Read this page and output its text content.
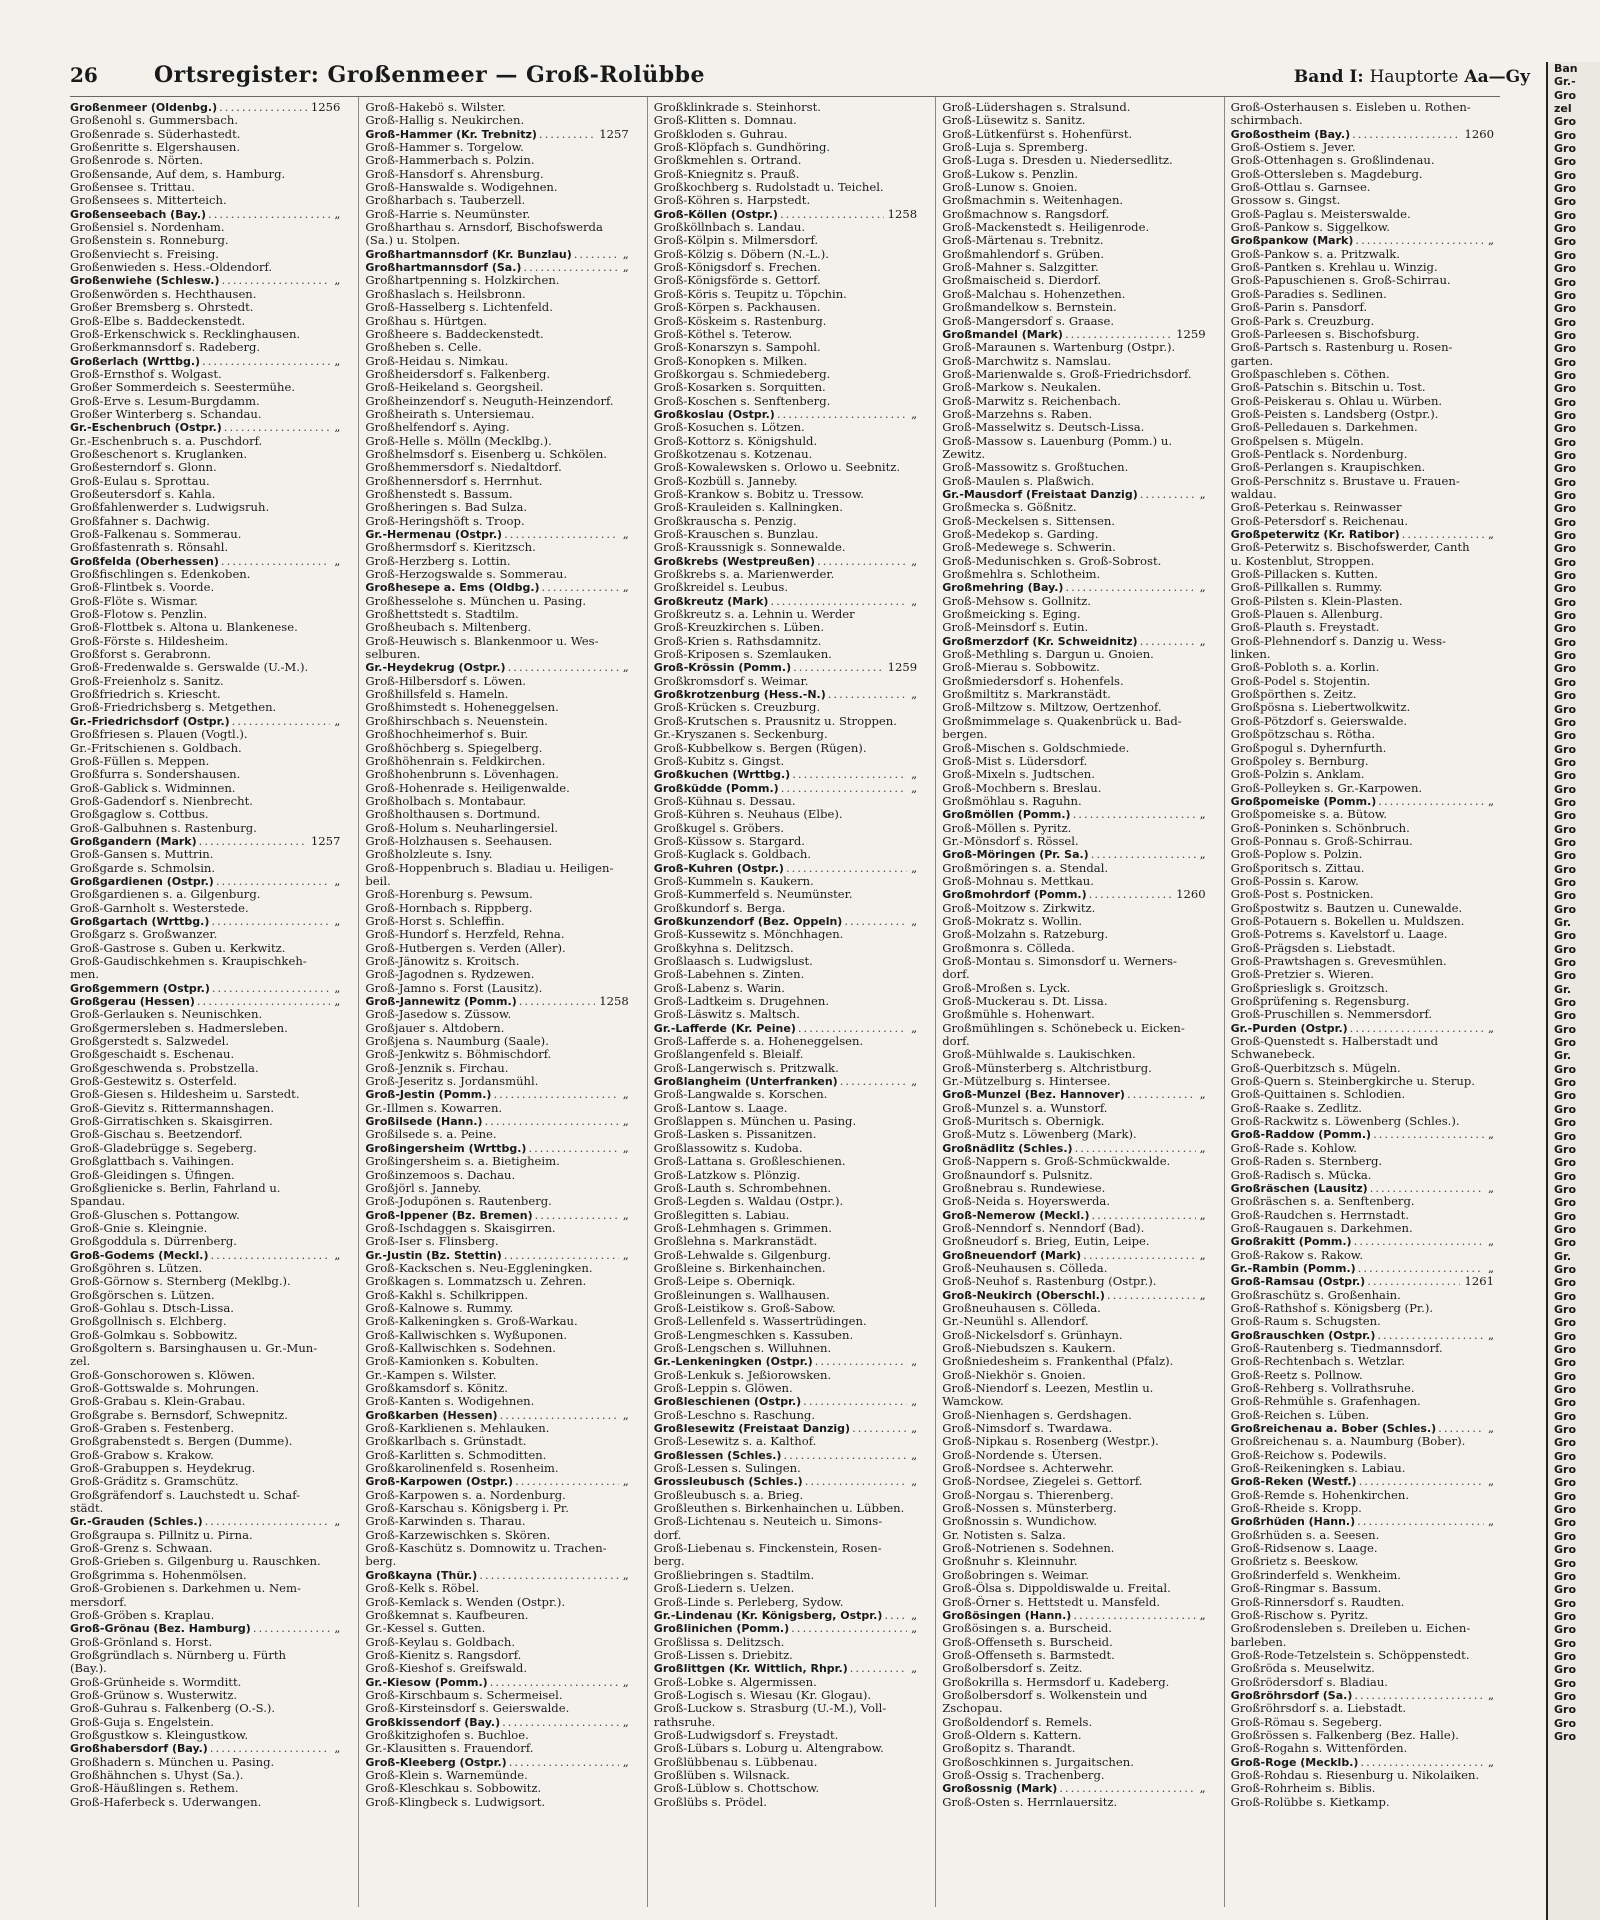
26	Ortsregister: Großenmeer — Groß-Rolübbe	Band I: Hauptorte Aa—Gy
Großenmeer (Oldenbg.) .....	1256
Großenohl s. Gummersbach.
Großenrade s. Süderhastedt.
Großenritte s. Elgershausen.
Großenrode s. Nörten.
Großensande, Auf dem, s. Hamburg.
Großensee s. Trittau.
Großensees s. Mitterteich.
Großenseebach (Bay.) .....	„
Großensiel s. Nordenham.
Großenstein s. Ronneburg.
Großenviecht s. Freising.
Großenwieden s. Hess.-Oldendorf.
Großenwiehe (Schlesw.) .....	„
Großenwörden s. Hechthausen.
Großer Bremsberg s. Ohrstedt.
Groß-Elbe s. Baddeckenstedt.
Groß-Erkenschwick s. Recklinghausen.
Großerkmannsdorf s. Radeberg.
Großerlach (Wrttbg.) .....	„
Groß-Ernsthof s. Wolgast.
Großer Sommerdeich s. Seestermühe.
Groß-Erve s. Lesum-Burgdamm.
Großer Winterberg s. Schandau.
Gr.-Eschenbruch (Ostpr.) .....	„
Gr.-Eschenbruch s. a. Puschdorf.
Großeschenort s. Kruglanken.
Großesterndorf s. Glonn.
Groß-Eulau s. Sprottau.
Großeutersdorf s. Kahla.
Großfahlenwerder s. Ludwigsruh.
Großfahner s. Dachwig.
Groß-Falkenau s. Sommerau.
Großfastenrath s. Rönsahl.
Großfelda (Oberhessen) .....	„
Großfischlingen s. Edenkoben.
Groß-Flintbek s. Voorde.
Groß-Flöte s. Wismar.
Groß-Flotow s. Penzlin.
Groß-Flottbek s. Altona u. Blankenese.
Groß-Förste s. Hildesheim.
Großforst s. Gerabronn.
Groß-Fredenwalde s. Gerswalde (U.-M.).
Groß-Freienholz s. Sanitz.
Großfriedrich s. Kriescht.
Groß-Friedrichsberg s. Metgethen.
Gr.-Friedrichsdorf (Ostpr.) .....	„
Großfriesen s. Plauen (Vogtl.).
Gr.-Fritschienen s. Goldbach.
Groß-Füllen s. Meppen.
Großfurra s. Sondershausen.
Groß-Gablick s. Widminnen.
Groß-Gadendorf s. Nienbrecht.
Großgaglow s. Cottbus.
Groß-Galbuhnen s. Rastenburg.
Großgandern (Mark) .....	1257
Groß-Gansen s. Muttrin.
Großgarde s. Schmolsin.
Großgardienen (Ostpr.) .....	„
Großgardienen s. a. Gilgenburg.
Groß-Garnholt s. Westerstede.
Großgartach (Wrttbg.) .....	„
Großgarz s. Großwanzer.
Groß-Gastrose s. Guben u. Kerkwitz.
Groß-Gaudischkehmen s. Kraupischkeh-
men.
Großgemmern (Ostpr.) .....	„
Großgerau (Hessen) .....	„
Groß-Gerlauken s. Neunischken.
Großgermersleben s. Hadmersleben.
Großgerstedt s. Salzwedel.
Großgeschaidt s. Eschenau.
Großgeschwenda s. Probstzella.
Groß-Gestewitz s. Osterfeld.
Groß-Giesen s. Hildesheim u. Sarstedt.
Groß-Gievitz s. Rittermannshagen.
Groß-Girratischken s. Skaisgirren.
Groß-Gischau s. Beetzendorf.
Groß-Gladebrügge s. Segeberg.
Großglattbach s. Vaihingen.
Groß-Gleidingen s. Üfingen.
Großglienicke s. Berlin, Fahrland u.
Spandau.
Groß-Gluschen s. Pottangow.
Groß-Gnie s. Kleingnie.
Großgoddula s. Dürrenberg.
Groß-Godems (Meckl.) .....	„
Großgöhren s. Lützen.
Groß-Görnow s. Sternberg (Meklbg.).
Großgörschen s. Lützen.
Groß-Gohlau s. Dtsch-Lissa.
Großgollnisch s. Elchberg.
Groß-Golmkau s. Sobbowitz.
Großgoltern s. Barsinghausen u. Gr.-Mun-
zel.
Groß-Gonschorowen s. Klöwen.
Groß-Gottswalde s. Mohrungen.
Groß-Grabau s. Klein-Grabau.
Großgrabe s. Bernsdorf, Schwepnitz.
Groß-Graben s. Festenberg.
Großgrabenstedt s. Bergen (Dumme).
Groß-Grabow s. Krakow.
Groß-Grabuppen s. Heydekrug.
Groß-Gräditz s. Gramschütz.
Großgräfendorf s. Lauchstedt u. Schaf-
städt.
Gr.-Grauden (Schles.) .....	„
Großgraupa s. Pillnitz u. Pirna.
Groß-Grenz s. Schwaan.
Groß-Grieben s. Gilgenburg u. Rauschken.
Großgrimma s. Hohenmölsen.
Groß-Grobienen s. Darkehmen u. Nem-
mersdorf.
Groß-Gröben s. Kraplau.
Groß-Grönau (Bez. Hamburg) .....	„
Groß-Grönland s. Horst.
Großgründlach s. Nürnberg u. Fürth
(Bay.).
Groß-Grünheide s. Wormditt.
Groß-Grünow s. Wusterwitz.
Groß-Guhrau s. Falkenberg (O.-S.).
Groß-Guja s. Engelstein.
Großgustkow s. Kleingustkow.
Großhabersdorf (Bay.) .....	„
Großhadern s. München u. Pasing.
Großhähnchen s. Uhyst (Sa.).
Groß-Häußlingen s. Rethem.
Groß-Haferbeck s. Uderwangen.
Groß-Hakebö s. Wilster.
Groß-Hallig s. Neukirchen.
Groß-Hammer (Kr. Trebnitz) .....	1257
Groß-Hammer s. Torgelow.
Groß-Hammerbach s. Polzin.
Groß-Hansdorf s. Ahrensburg.
Groß-Hanswalde s. Wodigehnen.
Großharbach s. Tauberzell.
Groß-Harrie s. Neumünster.
Großharthau s. Arnsdorf, Bischofswerda
(Sa.) u. Stolpen.
Großhartmannsdorf (Kr. Bunzlau) .....	„
Großhartmannsdorf (Sa.) .....	„
Großhartpenning s. Holzkirchen.
Großhaslach s. Heilsbronn.
Groß-Hasselberg s. Lichtenfeld.
Großhau s. Hürtgen.
Großheere s. Baddeckenstedt.
Großheben s. Celle.
Groß-Heidau s. Nimkau.
Großheidersdorf s. Falkenberg.
Groß-Heikeland s. Georgsheil.
Großheinzendorf s. Neuguth-Heinzendorf.
Großheirath s. Untersiemau.
Großhelfendorf s. Aying.
Groß-Helle s. Mölln (Mecklbg.).
Großhelmsdorf s. Eisenberg u. Schkölen.
Großhemmersdorf s. Niedaltdorf.
Großhennersdorf s. Herrnhut.
Großhenstedt s. Bassum.
Großheringen s. Bad Sulza.
Groß-Heringshöft s. Troop.
Gr.-Hermenau (Ostpr.) .....	„
Großhermsdorf s. Kieritzsch.
Groß-Herzberg s. Lottin.
Groß-Herzogswalde s. Sommerau.
Großhesepe a. Ems (Oldbg.) .....	„
Großhesselohe s. München u. Pasing.
Großhettstedt s. Stadtilm.
Großheubach s. Miltenberg.
Groß-Heuwisch s. Blankenmoor u. Wes-
selburen.
Gr.-Heydekrug (Ostpr.) .....	„
Groß-Hilbersdorf s. Löwen.
Großhillsfeld s. Hameln.
Großhimstedt s. Hoheneggelsen.
Großhirschbach s. Neuenstein.
Großhochheimerhof s. Buir.
Großhöchberg s. Spiegelberg.
Großhöhenrain s. Feldkirchen.
Großhohenbrunn s. Lövenhagen.
Groß-Hohenrade s. Heiligenwalde.
Großholbach s. Montabaur.
Großholthausen s. Dortmund.
Groß-Holum s. Neuharlingersiel.
Groß-Holzhausen s. Seehausen.
Großholzleute s. Isny.
Groß-Hoppenbruch s. Bladiau u. Heiligen-
beil.
Groß-Horenburg s. Pewsum.
Groß-Hornbach s. Rippberg.
Groß-Horst s. Schleffin.
Groß-Hundorf s. Herzfeld, Rehna.
Groß-Hutbergen s. Verden (Aller).
Groß-Jänowitz s. Kroitsch.
Groß-Jagodnen s. Rydzewen.
Groß-Jamno s. Forst (Lausitz).
Groß-Jannewitz (Pomm.) .....	1258
Groß-Jasedow s. Züssow.
Großjauer s. Altdobern.
Großjena s. Naumburg (Saale).
Groß-Jenkwitz s. Böhmischdorf.
Groß-Jenznik s. Firchau.
Groß-Jeseritz s. Jordansmühl.
Groß-Jestin (Pomm.) .....	„
Gr.-Illmen s. Kowarren.
Großilsede (Hann.) .....	„
Großilsede s. a. Peine.
Großingersheim (Wrttbg.) .....	„
Großingersheim s. a. Bietigheim.
Großinzemoos s. Dachau.
Großjörl s. Janneby.
Groß-Jodupönen s. Rautenberg.
Groß-Ippener (Bz. Bremen) .....	„
Groß-Ischdaggen s. Skaisgirren.
Groß-Iser s. Flinsberg.
Gr.-Justin (Bz. Stettin) .....	„
Groß-Kackschen s. Neu-Eggleningken.
Großkagen s. Lommatzsch u. Zehren.
Groß-Kakhl s. Schilkrippen.
Groß-Kalnowe s. Rummy.
Groß-Kalkeningken s. Groß-Warkau.
Groß-Kallwischken s. Wyßuponen.
Groß-Kallwischken s. Sodehnen.
Groß-Kamionken s. Kobulten.
Gr.-Kampen s. Wilster.
Großkamsdorf s. Könitz.
Groß-Kanten s. Wodigehnen.
Großkarben (Hessen) .....	„
Groß-Karklienen s. Mehlauken.
Großkarlbach s. Grünstadt.
Groß-Karlitten s. Schmoditten.
Großkarolinenfeld s. Rosenheim.
Groß-Karpowen (Ostpr.) .....	„
Groß-Karpowen s. a. Nordenburg.
Groß-Karschau s. Königsberg i. Pr.
Groß-Karwinden s. Tharau.
Groß-Karzewischken s. Skören.
Groß-Kaschütz s. Domnowitz u. Trachen-
berg.
Großkayna (Thür.) .....	„
Groß-Kelk s. Röbel.
Groß-Kemlack s. Wenden (Ostpr.).
Großkemnat s. Kaufbeuren.
Gr.-Kessel s. Gutten.
Groß-Keylau s. Goldbach.
Groß-Kienitz s. Rangsdorf.
Groß-Kieshof s. Greifswald.
Gr.-Kiesow (Pomm.) .....	„
Groß-Kirschbaum s. Schermeisel.
Groß-Kirsteinsdorf s. Geierswalde.
Großkissendorf (Bay.) .....	„
Großkitzighofen s. Buchloe.
Gr.-Klausitten s. Frauendorf.
Groß-Kleeberg (Ostpr.) .....	„
Groß-Klein s. Warnemünde.
Groß-Kleschkau s. Sobbowitz.
Groß-Klingbeck s. Ludwigsort.
Großklinkrade s. Steinhorst.
Groß-Klitten s. Domnau.
Großkloden s. Guhrau.
Groß-Klöpfach s. Gundhöring.
Großkmehlen s. Ortrand.
Groß-Kniegnitz s. Prauß.
Großkochberg s. Rudolstadt u. Teichel.
Groß-Köhren s. Harpstedt.
Groß-Köllen (Ostpr.) .....	1258
Großköllnbach s. Landau.
Groß-Kölpin s. Milmersdorf.
Groß-Kölzig s. Döbern (N.-L.).
Groß-Königsdorf s. Frechen.
Groß-Königsförde s. Gettorf.
Groß-Köris s. Teupitz u. Töpchin.
Groß-Körpen s. Packhausen.
Groß-Köskeim s. Rastenburg.
Groß-Köthel s. Teterow.
Groß-Konarszyn s. Sampohl.
Groß-Konopken s. Milken.
Großkorgau s. Schmiedeberg.
Groß-Kosarken s. Sorquitten.
Groß-Koschen s. Senftenberg.
Großkoslau (Ostpr.) .....	„
Groß-Kosuchen s. Lötzen.
Groß-Kottorz s. Königshuld.
Großkotzenau s. Kotzenau.
Groß-Kowalewsken s. Orlowo u. Seebnitz.
Groß-Kozbüll s. Janneby.
Groß-Krankow s. Bobitz u. Tressow.
Groß-Krauleiden s. Kallningken.
Großkrauscha s. Penzig.
Groß-Krauschen s. Bunzlau.
Groß-Kraussnigk s. Sonnewalde.
Großkrebs (Westpreußen) .....	„
Großkrebs s. a. Marienwerder.
Großkreidel s. Leubus.
Großkreutz (Mark) .....	„
Großkreutz s. a. Lehnin u. Werder
Groß-Kreuzkirchen s. Lüben.
Groß-Krien s. Rathsdamnitz.
Groß-Kriposen s. Szemlauken.
Groß-Krössin (Pomm.) .....	1259
Großkromsdorf s. Weimar.
Großkrotzenburg (Hess.-N.) .....	„
Groß-Krücken s. Creuzburg.
Groß-Krutschen s. Prausnitz u. Stroppen.
Gr.-Kryszanen s. Seckenburg.
Groß-Kubbelkow s. Bergen (Rügen).
Groß-Kubitz s. Gingst.
Großkuchen (Wrttbg.) .....	„
Großküdde (Pomm.) .....	„
Groß-Kühnau s. Dessau.
Groß-Kühren s. Neuhaus (Elbe).
Großkugel s. Gröbers.
Groß-Küssow s. Stargard.
Groß-Kuglack s. Goldbach.
Groß-Kuhren (Ostpr.) .....	„
Groß-Kummeln s. Kaukern.
Groß-Kummerfeld s. Neumünster.
Großkundorf s. Berga.
Großkunzendorf (Bez. Oppeln) .....	„
Groß-Kussewitz s. Mönchhagen.
Großkyhna s. Delitzsch.
Großlaasch s. Ludwigslust.
Groß-Labehnen s. Zinten.
Groß-Labenz s. Warin.
Groß-Ladtkeim s. Drugehnen.
Groß-Läswitz s. Maltsch.
Gr.-Lafferde (Kr. Peine) .....	„
Groß-Lafferde s. a. Hoheneggelsen.
Großlangenfeld s. Bleialf.
Groß-Langerwisch s. Pritzwalk.
Großlangheim (Unterfranken) .....	„
Groß-Langwalde s. Korschen.
Groß-Lantow s. Laage.
Großlappen s. München u. Pasing.
Groß-Lasken s. Pissanitzen.
Großlassowitz s. Kudoba.
Groß-Lattana s. Großleschienen.
Groß-Latzkow s. Plönzig.
Groß-Lauth s. Schrombehnen.
Groß-Legden s. Waldau (Ostpr.).
Großlegitten s. Labiau.
Groß-Lehmhagen s. Grimmen.
Großlehna s. Markranstädt.
Groß-Lehwalde s. Gilgenburg.
Großleine s. Birkenhainchen.
Groß-Leipe s. Oberniqk.
Großleinungen s. Wallhausen.
Groß-Leistikow s. Groß-Sabow.
Groß-Lellenfeld s. Wassertrüdingen.
Groß-Lengmeschken s. Kassuben.
Groß-Lengschen s. Willuhnen.
Gr.-Lenkeningken (Ostpr.) .....	„
Groß-Lenkuk s. Jeßiorowsken.
Groß-Leppin s. Glöwen.
Großleschienen (Ostpr.) .....	„
Groß-Leschno s. Raschung.
Großlesewitz (Freistaat Danzig) .....	„
Groß-Lesewitz s. a. Kalthof.
Großlessen (Schles.) .....	„
Groß-Lessen s. Sulingen.
Grossleubusch (Schles.) .....	„
Großleubusch s. a. Brieg.
Großleuthen s. Birkenhainchen u. Lübben.
Groß-Lichtenau s. Neuteich u. Simons-
dorf.
Groß-Liebenau s. Finckenstein, Rosen-
berg.
Großliebringen s. Stadtilm.
Groß-Liedern s. Uelzen.
Groß-Linde s. Perleberg, Sydow.
Gr.-Lindenau (Kr. Königsberg, Ostpr.) ..... „
Großlinichen (Pomm.) .....	„
Großlissa s. Delitzsch.
Groß-Lissen s. Driebitz.
Großlittgen (Kr. Wittlich, Rhpr.) .....	„
Groß-Lobke s. Algermissen.
Groß-Logisch s. Wiesau (Kr. Glogau).
Groß-Luckow s. Strasburg (U.-M.), Voll-
rathsruhe.
Groß-Ludwigsdorf s. Freystadt.
Groß-Lübars s. Loburg u. Altengrabow.
Großlübbenau s. Lübbenau.
Großlüben s. Wilsnack.
Groß-Lüblow s. Chottschow.
Großlübs s. Prödel.
Groß-Lüdershagen s. Stralsund.
Groß-Lüsewitz s. Sanitz.
Groß-Lütkenfürst s. Hohenfürst.
Groß-Luja s. Spremberg.
Groß-Luga s. Dresden u. Niedersedlitz.
Groß-Lukow s. Penzlin.
Groß-Lunow s. Gnoien.
Großmachmin s. Weitenhagen.
Großmachnow s. Rangsdorf.
Groß-Mackenstedt s. Heiligenrode.
Groß-Märtenau s. Trebnitz.
Großmahlendorf s. Grüben.
Groß-Mahner s. Salzgitter.
Großmaischeid s. Dierdorf.
Groß-Malchau s. Hohenzethen.
Großmandelkow s. Bernstein.
Groß-Mangersdorf s. Graase.
Großmandel (Mark) .....	1259
Groß-Maraunen s. Wartenburg (Ostpr.).
Groß-Marchwitz s. Namslau.
Groß-Marienwalde s. Groß-Friedrichsdorf.
Groß-Markow s. Neukalen.
Groß-Marwitz s. Reichenbach.
Groß-Marzehns s. Raben.
Groß-Masselwitz s. Deutsch-Lissa.
Groß-Massow s. Lauenburg (Pomm.) u.
Zewitz.
Groß-Massowitz s. Großtuchen.
Groß-Maulen s. Plaßwich.
Gr.-Mausdorf (Freistaat Danzig) .....	„
Großmecka s. Gößnitz.
Groß-Meckelsen s. Sittensen.
Groß-Medekop s. Garding.
Groß-Medewege s. Schwerin.
Groß-Medunischken s. Groß-Sobrost.
Großmehlra s. Schlotheim.
Großmehring (Bay.) .....	„
Groß-Mehsow s. Gollnitz.
Großmeicking s. Eging.
Groß-Meinsdorf s. Eutin.
Großmerzdorf (Kr. Schweidnitz) .....	„
Groß-Methling s. Dargun u. Gnoien.
Groß-Mierau s. Sobbowitz.
Großmiedersdorf s. Hohenfels.
Großmiltitz s. Markranstädt.
Groß-Miltzow s. Miltzow, Oertzenhof.
Großmimmelage s. Quakenbrück u. Bad-
bergen.
Groß-Mischen s. Goldschmiede.
Groß-Mist s. Lüdersdorf.
Groß-Mixeln s. Judtschen.
Groß-Mochbern s. Breslau.
Großmöhlau s. Raguhn.
Großmöllen (Pomm.) .....	„
Groß-Möllen s. Pyritz.
Gr.-Mönsdorf s. Rössel.
Groß-Möringen (Pr. Sa.) .....	„
Großmöringen s. a. Stendal.
Groß-Mohnau s. Mettkau.
Großmohrdorf (Pomm.) .....	1260
Groß-Moitzow s. Zirkwitz.
Groß-Mokratz s. Wollin.
Groß-Molzahn s. Ratzeburg.
Großmonra s. Cölleda.
Groß-Montau s. Simonsdorf u. Werners-
dorf.
Groß-Mroßen s. Lyck.
Groß-Muckerau s. Dt. Lissa.
Großmühle s. Hohenwart.
Großmühlingen s. Schönebeck u. Eicken-
dorf.
Groß-Mühlwalde s. Laukischken.
Groß-Münsterberg s. Altchristburg.
Gr.-Mützelburg s. Hintersee.
Groß-Munzel (Bez. Hannover) .....	„
Groß-Munzel s. a. Wunstorf.
Groß-Muritsch s. Obernigk.
Groß-Mutz s. Löwenberg (Mark).
Großnädlitz (Schles.) .....	„
Groß-Nappern s. Groß-Schmückwalde.
Großnaundorf s. Pulsnitz.
Großnebrau s. Rundewiese.
Groß-Neida s. Hoyerswerda.
Groß-Nemerow (Meckl.) .....	„
Groß-Nenndorf s. Nenndorf (Bad).
Großneudorf s. Brieg, Eutin, Leipe.
Großneuendorf (Mark) .....	„
Groß-Neuhausen s. Cölleda.
Groß-Neuhof s. Rastenburg (Ostpr.).
Groß-Neukirch (Oberschl.) .....	„
Großneuhausen s. Cölleda.
Gr.-Neunühl s. Allendorf.
Groß-Nickelsdorf s. Grünhayn.
Groß-Niebudszen s. Kaukern.
Großniedesheim s. Frankenthal (Pfalz).
Groß-Niekhör s. Gnoien.
Groß-Niendorf s. Leezen, Mestlin u.
Wamckow.
Groß-Nienhagen s. Gerdshagen.
Groß-Nimsdorf s. Twardawa.
Groß-Nipkau s. Rosenberg (Westpr.).
Groß-Nordende s. Ütersen.
Groß-Nordsee s. Achterwehr.
Groß-Nordsee, Ziegelei s. Gettorf.
Groß-Norgau s. Thierenberg.
Groß-Nossen s. Münsterberg.
Großnossin s. Wundichow.
Gr. Notisten s. Salza.
Groß-Notrienen s. Sodehnen.
Großnuhr s. Kleinnuhr.
Großobringen s. Weimar.
Groß-Ölsa s. Dippoldiswalde u. Freital.
Groß-Örner s. Hettstedt u. Mansfeld.
Großösingen (Hann.) .....	„
Großösingen s. a. Burscheid.
Groß-Offenseth s. Burscheid.
Groß-Offenseth s. Barmstedt.
Großolbersdorf s. Zeitz.
Großokrilla s. Hermsdorf u. Kadeberg.
Großolbersdorf s. Wolkenstein und
Zschopau.
Großoldendorf s. Remels.
Groß-Oldern s. Kattern.
Großopitz s. Tharandt.
Großoschkinnen s. Jurgaitschen.
Groß-Ossig s. Trachenberg.
Großossnig (Mark) .....	„
Groß-Osten s. Herrnlauersitz.
Groß-Osterhausen s. Eisleben u. Rothen-
schirmbach.
Großostheim (Bay.) .....	1260
Groß-Ostiem s. Jever.
Groß-Ottenhagen s. Großlindenau.
Groß-Ottersleben s. Magdeburg.
Groß-Ottlau s. Garnsee.
Grossow s. Gingst.
Groß-Paglau s. Meisterswalde.
Groß-Pankow s. Siggelkow.
Großpankow (Mark) .....	„
Groß-Pankow s. a. Pritzwalk.
Groß-Pantken s. Krehlau u. Winzig.
Groß-Papuschienen s. Groß-Schirrau.
Groß-Paradies s. Sedlinen.
Groß-Parin s. Pansdorf.
Groß-Park s. Creuzburg.
Groß-Parleesen s. Bischofsburg.
Groß-Partsch s. Rastenburg u. Rosen-
garten.
Großpaschleben s. Cöthen.
Groß-Patschin s. Bitschin u. Tost.
Groß-Peiskerau s. Ohlau u. Würben.
Groß-Peisten s. Landsberg (Ostpr.).
Groß-Pelledauen s. Darkehmen.
Großpelsen s. Mügeln.
Groß-Pentlack s. Nordenburg.
Groß-Perlangen s. Kraupischken.
Groß-Perschnitz s. Brustave u. Frauen-
waldau.
Groß-Peterkau s. Reinwasser
Groß-Petersdorf s. Reichenau.
Großpeterwitz (Kr. Ratibor) .....	„
Groß-Peterwitz s. Bischofswerder, Canth
u. Kostenblut, Stroppen.
Groß-Pillacken s. Kutten.
Groß-Pillkallen s. Rummy.
Groß-Pilsten s. Klein-Plasten.
Groß-Plauen s. Allenburg.
Groß-Plauth s. Freystadt.
Groß-Plehnendorf s. Danzig u. Wess-
linken.
Groß-Pobloth s. a. Korlin.
Groß-Podel s. Stojentin.
Großpörthen s. Zeitz.
Großpösna s. Liebertwolkwitz.
Groß-Pötzdorf s. Geierswalde.
Großpötzschau s. Rötha.
Großpogul s. Dyhernfurth.
Großpoley s. Bernburg.
Groß-Polzin s. Anklam.
Groß-Polleyken s. Gr.-Karpowen.
Großpomeiske (Pomm.) .....	„
Großpomeiske s. a. Bütow.
Groß-Poninken s. Schönbruch.
Groß-Ponnau s. Groß-Schirrau.
Groß-Poplow s. Polzin.
Großporitsch s. Zittau.
Groß-Possin s. Karow.
Groß-Post s. Postnicken.
Großpostwitz s. Bautzen u. Cunewalde.
Groß-Potauern s. Bokellen u. Muldszen.
Groß-Potrems s. Kavelstorf u. Laage.
Groß-Prägsden s. Liebstadt.
Groß-Prawtshagen s. Grevesmühlen.
Groß-Pretzier s. Wieren.
Großpriesligk s. Groitzsch.
Großprüfening s. Regensburg.
Groß-Pruschillen s. Nemmersdorf.
Gr.-Purden (Ostpr.) .....	„
Groß-Quenstedt s. Halberstadt und
Schwanebeck.
Groß-Querbitzsch s. Mügeln.
Groß-Quern s. Steinbergkirche u. Sterup.
Groß-Quittainen s. Schlodien.
Groß-Raake s. Zedlitz.
Groß-Rackwitz s. Löwenberg (Schles.).
Groß-Raddow (Pomm.) .....	„
Groß-Rade s. Kohlow.
Groß-Raden s. Sternberg.
Groß-Radisch s. Mücka.
Großräschen (Lausitz) .....	„
Großräschen s. a. Senftenberg.
Groß-Raudchen s. Herrnstadt.
Groß-Raugauen s. Darkehmen.
Großrakitt (Pomm.) .....	„
Groß-Rakow s. Rakow.
Gr.-Rambin (Pomm.) .....	„
Groß-Ramsau (Ostpr.) .....	1261
Großraschütz s. Großenhain.
Groß-Rathshof s. Königsberg (Pr.).
Groß-Raum s. Schugsten.
Großrauschken (Ostpr.) .....	„
Groß-Rautenberg s. Tiedmannsdorf.
Groß-Rechtenbach s. Wetzlar.
Groß-Reetz s. Pollnow.
Groß-Rehberg s. Vollrathsruhe.
Groß-Rehmühle s. Grafenhagen.
Groß-Reichen s. Lüben.
Großreichenau a. Bober (Schles.) .....	„
Großreichenau s. a. Naumburg (Bober).
Groß-Reichow s. Podewils.
Groß-Reikeningken s. Labiau.
Groß-Reken (Westf.) .....	„
Groß-Remde s. Hohenkirchen.
Groß-Rheide s. Kropp.
Großrhüden (Hann.) .....	„
Großrhüden s. a. Seesen.
Groß-Ridsenow s. Laage.
Großrietz s. Beeskow.
Großrinderfeld s. Wenkheim.
Groß-Ringmar s. Bassum.
Groß-Rinnersdorf s. Raudten.
Groß-Rischow s. Pyritz.
Großrodensleben s. Dreileben u. Eichen-
barleben.
Groß-Rode-Tetzelstein s. Schöppenstedt.
Großröda s. Meuselwitz.
Großrödersdorf s. Bladiau.
Großröhrsdorf (Sa.) .....	„
Großröhrsdorf s. a. Liebstadt.
Groß-Römau s. Segeberg.
Großrössen s. Falkenberg (Bez. Halle).
Groß-Rogahn s. Wittenförden.
Groß-Roge (Mecklb.) .....	„
Groß-Rohdau s. Riesenburg u. Nikolaiken.
Groß-Rohrheim s. Biblis.
Groß-Rolübbe s. Kietkamp.
Ban
Gr.-
Gro
zel
Gro
Gro
Gro
Gro
Gro
Gro
Gro
Gro
Gro
Gro
Gro
Gro
Gro
Gro
Gro
Gro
Gro
Gro
Gro
Gro
Gro
Gro
Gro
Gro
Gro
Gro
Gro
Gro
Gro
Gro
Gro
Gro
Gro
Gro
Gro
Gro
Gro
Gro
Gro
Gro
Gro
Gro
Gro
Gro
Gro
Gro
Gro
Gro
Gro
Gro
Gro
Gro
Gro
Gro
Gro
Gro
Gro
Gro
Gro
Gro
Gr.
Gro
Gro
Gro
Gro
Gr.
Gro
Gro
Gro
Gro
Gr.
Gro
Gro
Gro
Gro
Gro
Gro
Gro
Gro
Gro
Gro
Gro
Gro
Gro
Gro
Gr.
Gro
Gro
Gro
Gro
Gro
Gro
Gro
Gro
Gro
Gro
Gro
Gro
Gro
Gro
Gro
Gro
Gro
Gro
Gro
Gro
Gro
Gro
Gro
Gro
Gro
Gro
Gro
Gro
Gro
Gro
Gro
Gro
Gro
Gro
Gro
Gro
